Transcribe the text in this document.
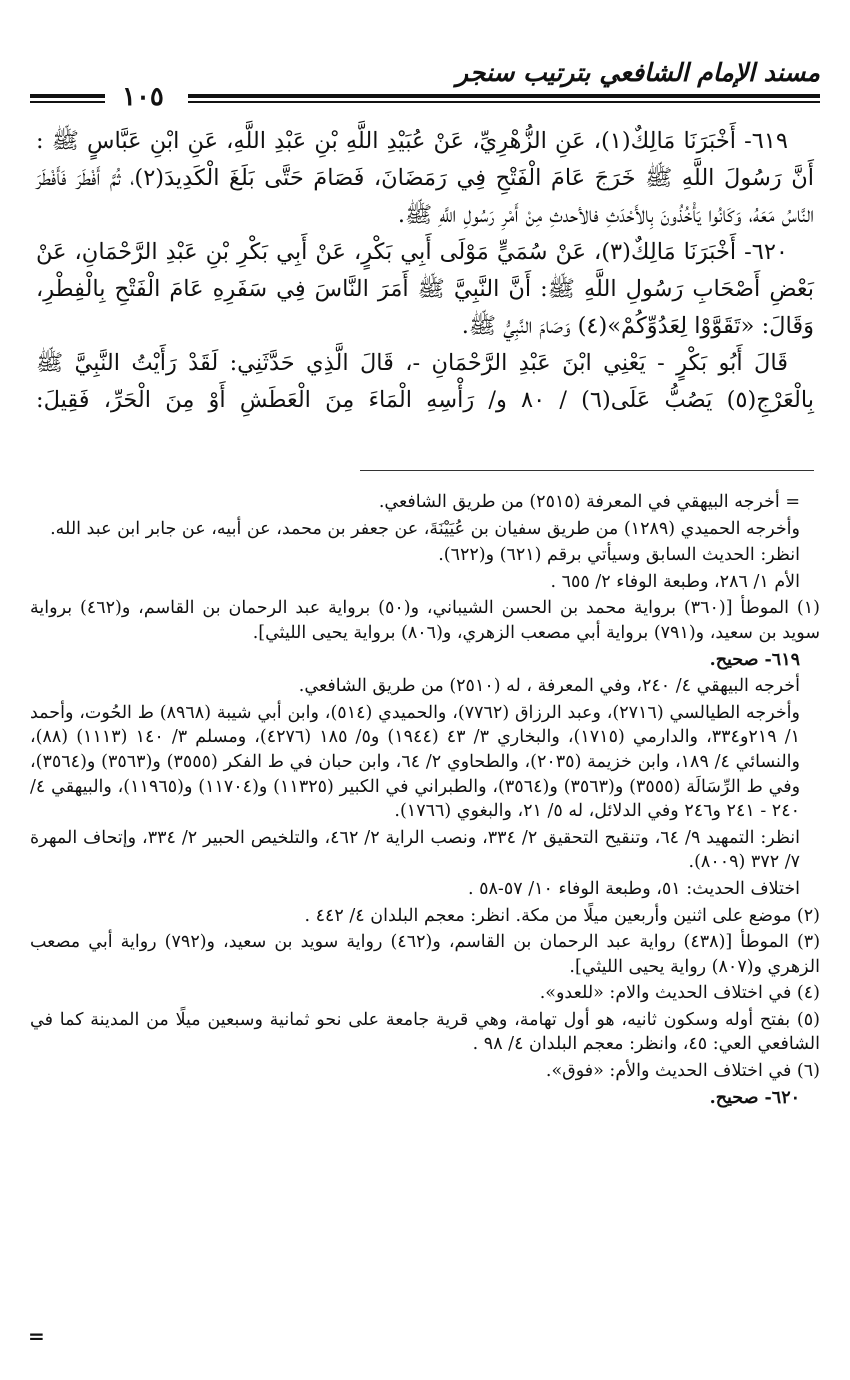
مسند الإمام الشافعي بترتيب سنجر
١٠٥

٦١٩- أَخْبَرَنَا مَالِكٌ(١)، عَنِ الزُّهْرِيِّ، عَنْ عُبَيْدِ اللَّهِ بْنِ عَبْدِ اللَّهِ، عَنِ ابْنِ عَبَّاسٍ ﷺ : أَنَّ رَسُولَ اللَّهِ ﷺ خَرَجَ عَامَ الْفَتْحِ فِي رَمَضَانَ، فَصَامَ حَتَّى بَلَغَ الْكَدِيدَ(٢)، ثُمَّ أَفْطَرَ فَأَفْطَرَ النَّاسُ مَعَهُ، وَكَانُوا يَأْخُذُونَ بِالأَحْدَثِ فالأحدثِ مِنْ أَمْرِ رَسُولِ اللَّهِ ﷺ.

٦٢٠- أَخْبَرَنَا مَالِكٌ(٣)، عَنْ سُمَيٍّ مَوْلَى أَبِي بَكْرٍ، عَنْ أَبِي بَكْرِ بْنِ عَبْدِ الرَّحْمَانِ، عَنْ بَعْضِ أَصْحَابِ رَسُولِ اللَّهِ ﷺ: أَنَّ النَّبِيَّ ﷺ أَمَرَ النَّاسَ فِي سَفَرِهِ عَامَ الْفَتْحِ بِالْفِطْرِ، وَقَالَ: «تَقَوَّوْا لِعَدُوِّكُمْ»(٤) وَصَامَ النَّبِيُّ ﷺ.

قَالَ أَبُو بَكْرٍ - يَعْنِي ابْنَ عَبْدِ الرَّحْمَانِ -، قَالَ الَّذِي حَدَّثَنِي: لَقَدْ رَأَيْتُ النَّبِيَّ ﷺ بِالْعَرْجِ(٥) يَصُبُّ عَلَى(٦) / ٨٠ و/ رَأْسِهِ الْمَاءَ مِنَ الْعَطَشِ أَوْ مِنَ الْحَرِّ، فَقِيلَ:

= أخرجه البيهقي في المعرفة (٢٥١٥) من طريق الشافعي.

وأخرجه الحميدي (١٢٨٩) من طريق سفيان بن عُيَيْنَةَ، عن جعفر بن محمد، عن أبيه، عن جابر ابن عبد الله.

انظر: الحديث السابق وسيأتي برقم (٦٢١) و(٦٢٢).

الأم ١/ ٢٨٦، وطبعة الوفاء ٢/ ٦٥٥ .

(١) الموطأ [(٣٦٠) برواية محمد بن الحسن الشيباني، و(٥٠) برواية عبد الرحمان بن القاسم، و(٤٦٢) برواية سويد بن سعيد، و(٧٩١) برواية أبي مصعب الزهري، و(٨٠٦) برواية يحيى الليثي].

٦١٩- صحيح.

أخرجه البيهقي ٤/ ٢٤٠، وفي المعرفة ، له (٢٥١٠) من طريق الشافعي.

وأخرجه الطيالسي (٢٧١٦)، وعبد الرزاق (٧٧٦٢)، والحميدي (٥١٤)، وابن أبي شيبة (٨٩٦٨) ط الحُوت، وأحمد ١/ ٢١٩و٣٣٤، والدارمي (١٧١٥)، والبخاري ٣/ ٤٣ (١٩٤٤) و٥/ ١٨٥ (٤٢٧٦)، ومسلم ٣/ ١٤٠ (١١١٣) (٨٨)، والنسائي ٤/ ١٨٩، وابن خزيمة (٢٠٣٥)، والطحاوي ٢/ ٦٤، وابن حبان في ط الفكر (٣٥٥٥) و(٣٥٦٣) و(٣٥٦٤)، وفي ط الرِّسَالَة (٣٥٥٥) و(٣٥٦٣) و(٣٥٦٤)، والطبراني في الكبير (١١٣٢٥) و(١١٧٠٤) و(١١٩٦٥)، والبيهقي ٤/ ٢٤٠ - ٢٤١ و٢٤٦ وفي الدلائل، له ٥/ ٢١، والبغوي (١٧٦٦).

انظر: التمهيد ٩/ ٦٤، وتنقيح التحقيق ٢/ ٣٣٤، ونصب الراية ٢/ ٤٦٢، والتلخيص الحبير ٢/ ٣٣٤، وإتحاف المهرة ٧/ ٣٧٢ (٨٠٠٩).

اختلاف الحديث: ٥١، وطبعة الوفاء ١٠/ ٥٧-٥٨ .

(٢) موضع على اثنين وأربعين ميلًا من مكة. انظر: معجم البلدان ٤/ ٤٤٢ .

(٣) الموطأ [(٤٣٨) رواية عبد الرحمان بن القاسم، و(٤٦٢) رواية سويد بن سعيد، و(٧٩٢) رواية أبي مصعب الزهري و(٨٠٧) رواية يحيى الليثي].

(٤) في اختلاف الحديث والام: «للعدو».

(٥) بفتح أوله وسكون ثانيه، هو أول تهامة، وهي قرية جامعة على نحو ثمانية وسبعين ميلًا من المدينة كما في الشافعي العي: ٤٥، وانظر: معجم البلدان ٤/ ٩٨ .

(٦) في اختلاف الحديث والأم: «فوق».

٦٢٠- صحيح.

=
